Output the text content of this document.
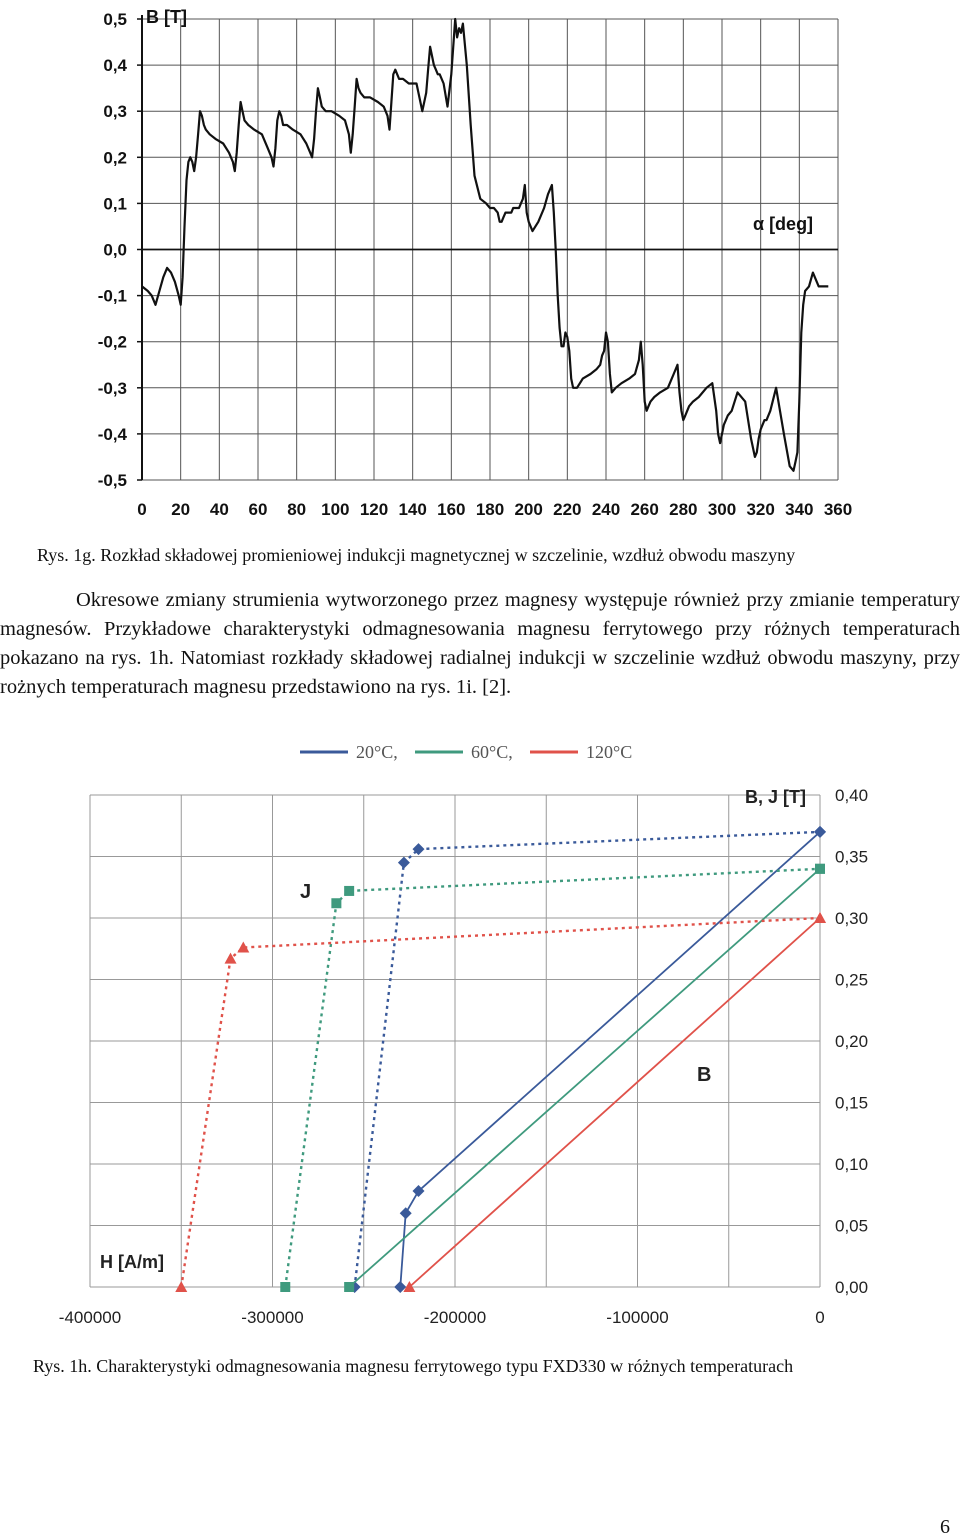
0,5
0,4
0,3
0,2
0,1
0,0
-0,1
-0,2
-0,3
-0,4
-0,5
0 20 40 60 80 100 120 140 160 180 200 220 240 260 280 300 320 340 360
B [T]
α [deg]
Rys. 1g. Rozkład składowej promieniowej indukcji magnetycznej w szczelinie, wzdłuż obwodu maszyny
Okresowe zmiany strumienia wytworzonego przez magnesy występuje również przy zmianie temperatury magnesów. Przykładowe charakterystyki odmagnesowania magnesu ferrytowego przy różnych temperaturach pokazano na rys. 1h. Natomiast rozkłady składowej radialnej indukcji w szczelinie wzdłuż obwodu maszyny, przy rożnych temperaturach magnesu przedstawiono na rys. 1i. [2].
20°C,	60°C,	120°C
0,40
0,35
0,30
0,25
0,20
0,15
0,10
0,05
0,00
-400000	-300000	-200000	-100000	0
B, J [T]
H [A/m]
J
B
Rys. 1h. Charakterystyki odmagnesowania magnesu ferrytowego typu FXD330 w różnych temperaturach
6
